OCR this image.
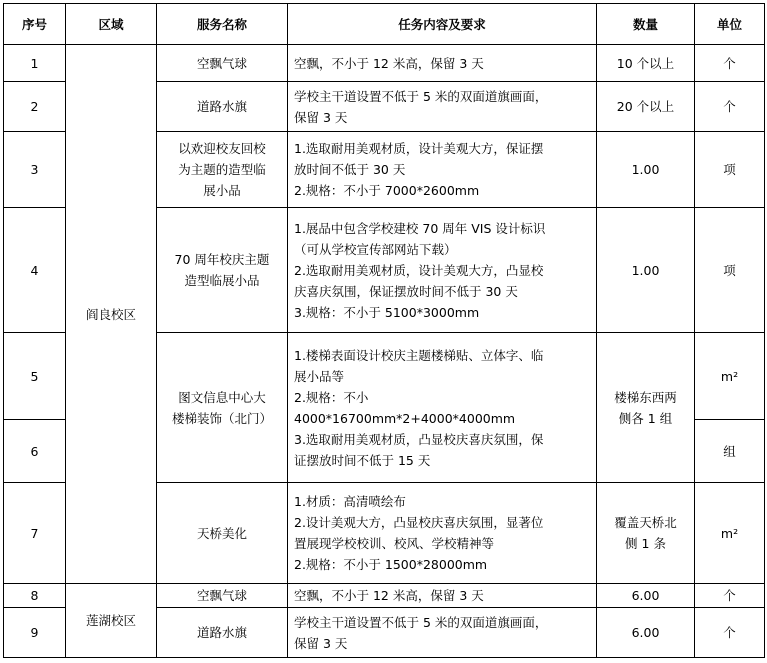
序号	区域	服务名称	任务内容及要求	数量	单位
1	阎良校区	空飘气球	空飘，不小于 12 米高，保留 3 天	10 个以上	个
2		道路水旗	学校主干道设置不低于 5 米的双面道旗画面，
保留 3 天	20 个以上	个
3		以欢迎校友回校
为主题的造型临
展小品	1.选取耐用美观材质，设计美观大方，保证摆
放时间不低于 30 天
2.规格：不小于 7000*2600mm	1.00	项
4		70 周年校庆主题
造型临展小品	1.展品中包含学校建校 70 周年 VIS 设计标识
（可从学校宣传部网站下载）
2.选取耐用美观材质，设计美观大方，凸显校
庆喜庆氛围，保证摆放时间不低于 30 天
3.规格：不小于 5100*3000mm	1.00	项
5		图文信息中心大
楼梯装饰（北门）	1.楼梯表面设计校庆主题楼梯贴、立体字、临
展小品等
2.规格：不小 4000*16700mm*2+4000*4000mm
3.选取耐用美观材质，凸显校庆喜庆氛围，保
证摆放时间不低于 15 天	楼梯东西两
侧各 1 组	m²
6					组
7		天桥美化	1.材质：高清喷绘布
2.设计美观大方，凸显校庆喜庆氛围，显著位
置展现学校校训、校风、学校精神等
2.规格：不小于 1500*28000mm	覆盖天桥北
侧 1 条	m²
8	莲湖校区	空飘气球	空飘，不小于 12 米高，保留 3 天	6.00	个
9		道路水旗	学校主干道设置不低于 5 米的双面道旗画面，
保留 3 天	6.00	个
